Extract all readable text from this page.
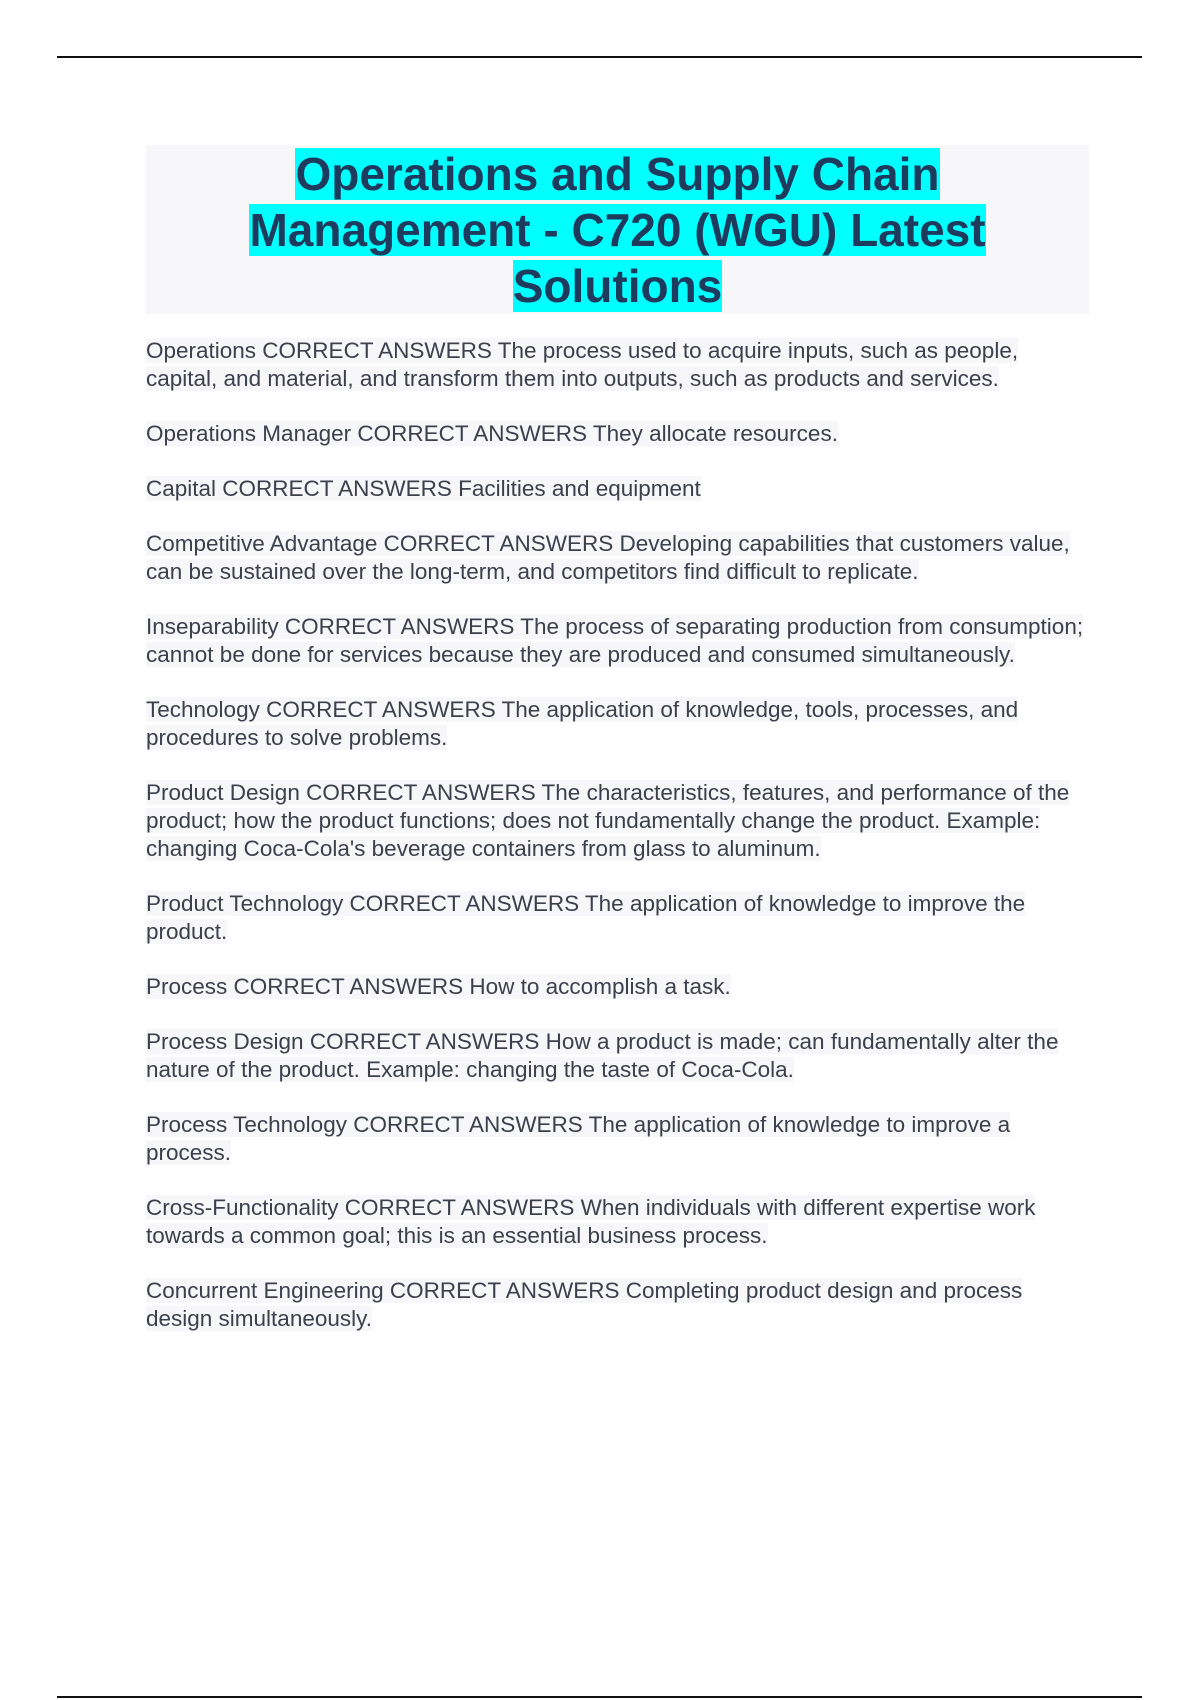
Operations and Supply Chain
Management - C720 (WGU) Latest
Solutions

Operations CORRECT ANSWERS The process used to acquire inputs, such as people, capital, and material, and transform them into outputs, such as products and services.

Operations Manager CORRECT ANSWERS They allocate resources.

Capital CORRECT ANSWERS Facilities and equipment

Competitive Advantage CORRECT ANSWERS Developing capabilities that customers value, can be sustained over the long-term, and competitors find difficult to replicate.

Inseparability CORRECT ANSWERS The process of separating production from consumption; cannot be done for services because they are produced and consumed simultaneously.

Technology CORRECT ANSWERS The application of knowledge, tools, processes, and procedures to solve problems.

Product Design CORRECT ANSWERS The characteristics, features, and performance of the product; how the product functions; does not fundamentally change the product. Example: changing Coca-Cola's beverage containers from glass to aluminum.

Product Technology CORRECT ANSWERS The application of knowledge to improve the product.

Process CORRECT ANSWERS How to accomplish a task.

Process Design CORRECT ANSWERS How a product is made; can fundamentally alter the nature of the product. Example: changing the taste of Coca-Cola.

Process Technology CORRECT ANSWERS The application of knowledge to improve a process.

Cross-Functionality CORRECT ANSWERS When individuals with different expertise work towards a common goal; this is an essential business process.

Concurrent Engineering CORRECT ANSWERS Completing product design and process design simultaneously.
